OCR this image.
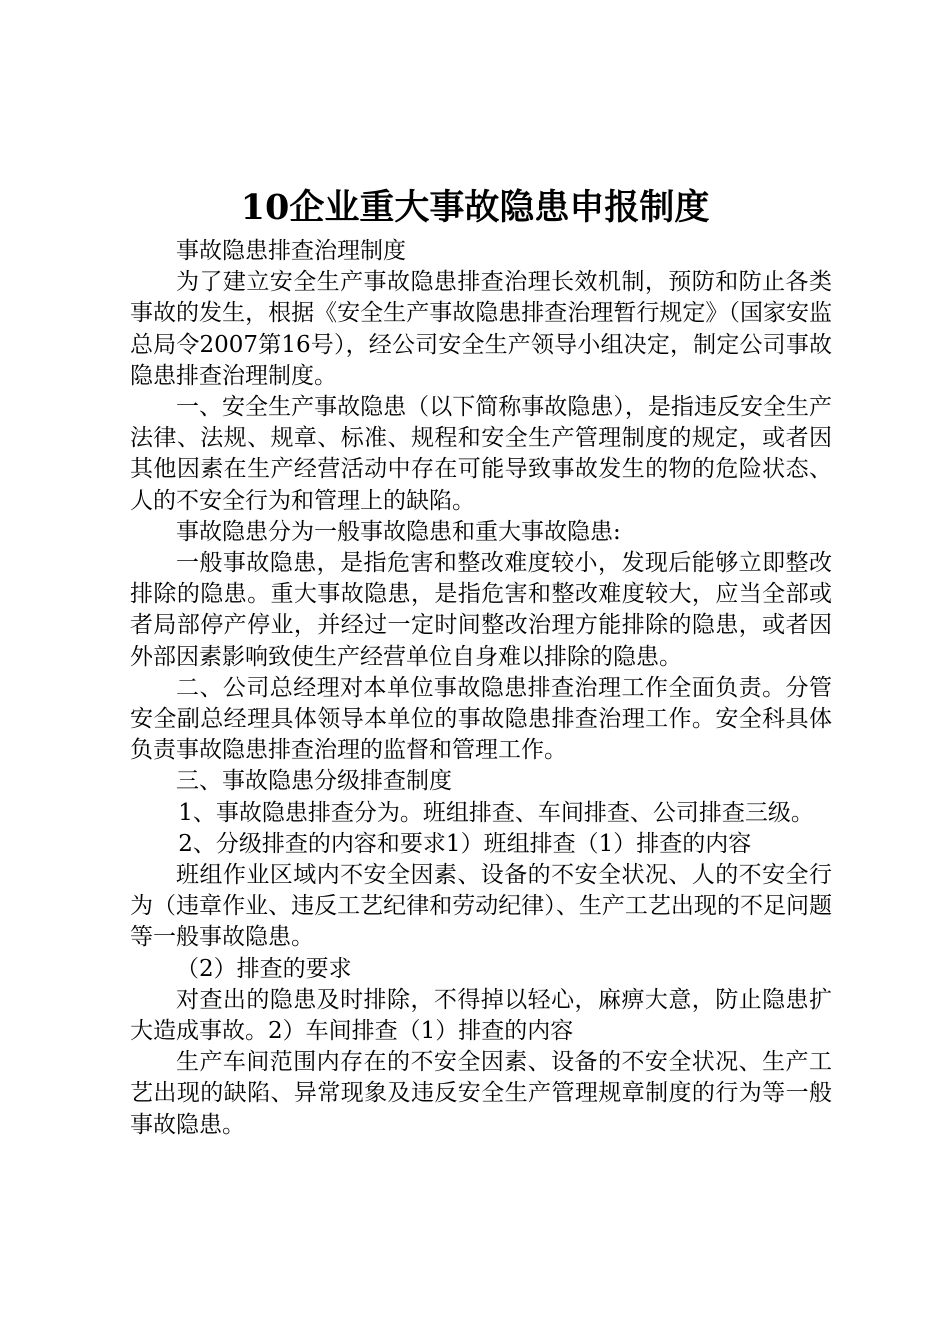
10企业重大事故隐患申报制度

事故隐患排查治理制度

为了建立安全生产事故隐患排查治理长效机制，预防和防止各类事故的发生，根据《安全生产事故隐患排查治理暂行规定》（国家安监总局令2007第16号），经公司安全生产领导小组决定，制定公司事故隐患排查治理制度。

一、安全生产事故隐患（以下简称事故隐患），是指违反安全生产法律、法规、规章、标准、规程和安全生产管理制度的规定，或者因其他因素在生产经营活动中存在可能导致事故发生的物的危险状态、人的不安全行为和管理上的缺陷。

事故隐患分为一般事故隐患和重大事故隐患:

一般事故隐患，是指危害和整改难度较小，发现后能够立即整改排除的隐患。重大事故隐患，是指危害和整改难度较大，应当全部或者局部停产停业，并经过一定时间整改治理方能排除的隐患，或者因外部因素影响致使生产经营单位自身难以排除的隐患。

二、公司总经理对本单位事故隐患排查治理工作全面负责。分管安全副总经理具体领导本单位的事故隐患排查治理工作。安全科具体负责事故隐患排查治理的监督和管理工作。

三、事故隐患分级排查制度

1、事故隐患排查分为。班组排查、车间排查、公司排查三级。

2、分级排查的内容和要求1）班组排查（1）排查的内容

班组作业区域内不安全因素、设备的不安全状况、人的不安全行为（违章作业、违反工艺纪律和劳动纪律）、生产工艺出现的不足问题等一般事故隐患。

（2）排查的要求

对查出的隐患及时排除，不得掉以轻心，麻痹大意，防止隐患扩大造成事故。2）车间排查（1）排查的内容

生产车间范围内存在的不安全因素、设备的不安全状况、生产工艺出现的缺陷、异常现象及违反安全生产管理规章制度的行为等一般事故隐患。
